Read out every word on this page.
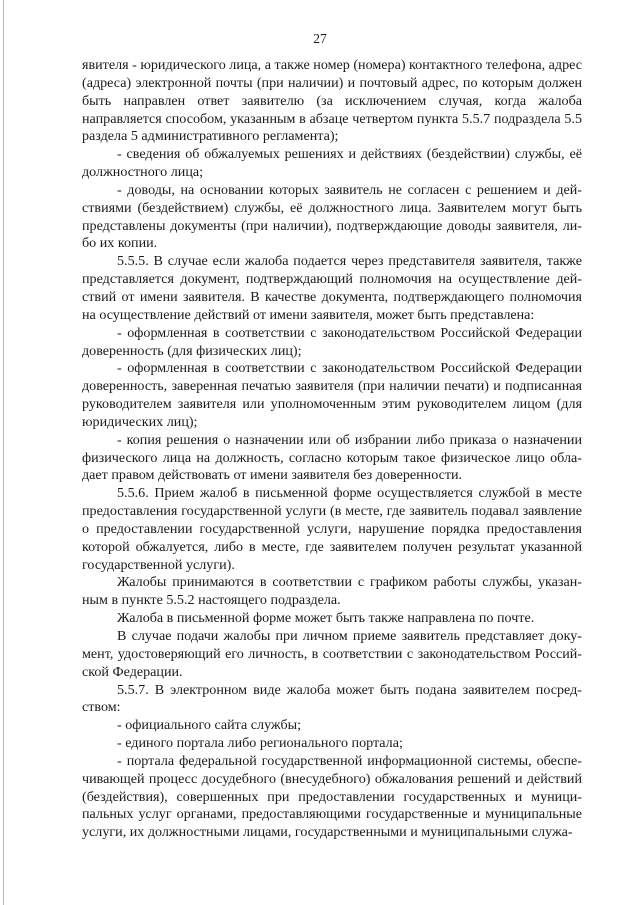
27

явителя - юридического лица, а также номер (номера) контактного телефона, адрес (адреса) электронной почты (при наличии) и почтовый адрес, по которым должен быть направлен ответ заявителю (за исключением случая, когда жалоба направляется способом, указанным в абзаце четвертом пункта 5.5.7 подраздела 5.5 раздела 5 административного регламента);

- сведения об обжалуемых решениях и действиях (бездействии) службы, её должностного лица;

- доводы, на основании которых заявитель не согласен с решением и действиями (бездействием) службы, её должностного лица. Заявителем могут быть представлены документы (при наличии), подтверждающие доводы заявителя, либо их копии.

5.5.5. В случае если жалоба подается через представителя заявителя, также представляется документ, подтверждающий полномочия на осуществление действий от имени заявителя. В качестве документа, подтверждающего полномочия на осуществление действий от имени заявителя, может быть представлена:

- оформленная в соответствии с законодательством Российской Федерации доверенность (для физических лиц);

- оформленная в соответствии с законодательством Российской Федерации доверенность, заверенная печатью заявителя (при наличии печати) и подписанная руководителем заявителя или уполномоченным этим руководителем лицом (для юридических лиц);

- копия решения о назначении или об избрании либо приказа о назначении физического лица на должность, согласно которым такое физическое лицо обладает правом действовать от имени заявителя без доверенности.

5.5.6. Прием жалоб в письменной форме осуществляется службой в месте предоставления государственной услуги (в месте, где заявитель подавал заявление о предоставлении государственной услуги, нарушение порядка предоставления которой обжалуется, либо в месте, где заявителем получен результат указанной государственной услуги).

Жалобы принимаются в соответствии с графиком работы службы, указанным в пункте 5.5.2 настоящего подраздела.

Жалоба в письменной форме может быть также направлена по почте.

В случае подачи жалобы при личном приеме заявитель представляет документ, удостоверяющий его личность, в соответствии с законодательством Российской Федерации.

5.5.7. В электронном виде жалоба может быть подана заявителем посредством:

- официального сайта службы;

- единого портала либо регионального портала;

- портала федеральной государственной информационной системы, обеспечивающей процесс досудебного (внесудебного) обжалования решений и действий (бездействия), совершенных при предоставлении государственных и муниципальных услуг органами, предоставляющими государственные и муниципальные услуги, их должностными лицами, государственными и муниципальными служа-
